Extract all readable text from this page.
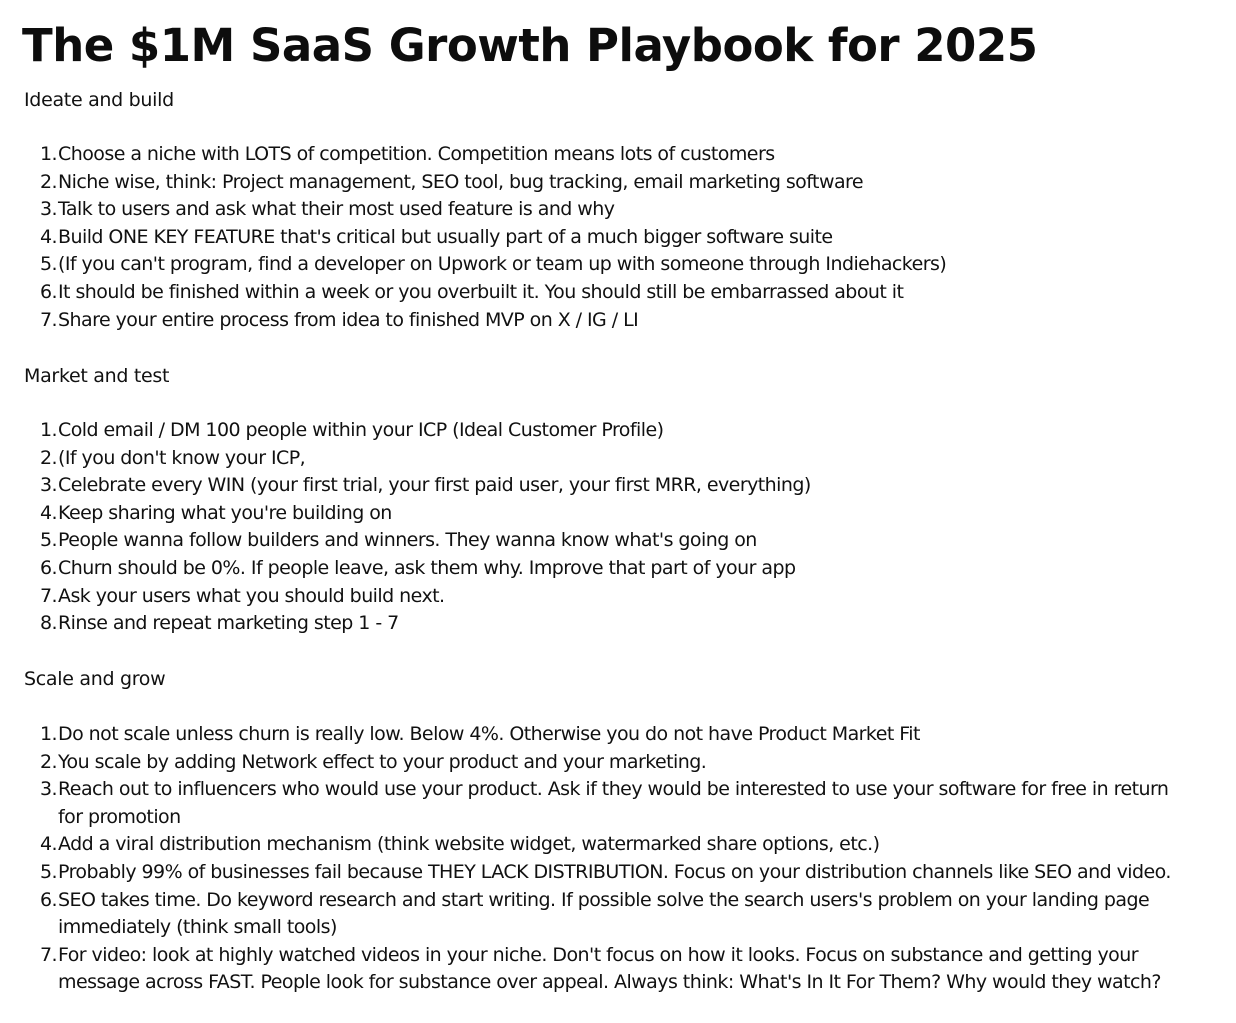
The $1M SaaS Growth Playbook for 2025
Ideate and build
1. Choose a niche with LOTS of competition. Competition means lots of customers
2. Niche wise, think: Project management, SEO tool, bug tracking, email marketing software
3. Talk to users and ask what their most used feature is and why
4. Build ONE KEY FEATURE that's critical but usually part of a much bigger software suite
5. (If you can't program, find a developer on Upwork or team up with someone through Indiehackers)
6. It should be finished within a week or you overbuilt it. You should still be embarrassed about it
7. Share your entire process from idea to finished MVP on X / IG / LI
Market and test
1. Cold email / DM 100 people within your ICP (Ideal Customer Profile)
2. (If you don't know your ICP,
3. Celebrate every WIN (your first trial, your first paid user, your first MRR, everything)
4. Keep sharing what you're building on
5. People wanna follow builders and winners. They wanna know what's going on
6. Churn should be 0%. If people leave, ask them why. Improve that part of your app
7. Ask your users what you should build next.
8. Rinse and repeat marketing step 1 - 7
Scale and grow
1. Do not scale unless churn is really low. Below 4%. Otherwise you do not have Product Market Fit
2. You scale by adding Network effect to your product and your marketing.
3. Reach out to influencers who would use your product. Ask if they would be interested to use your software for free in return
for promotion
4. Add a viral distribution mechanism (think website widget, watermarked share options, etc.)
5. Probably 99% of businesses fail because THEY LACK DISTRIBUTION. Focus on your distribution channels like SEO and video.
6. SEO takes time. Do keyword research and start writing. If possible solve the search users's problem on your landing page
immediately (think small tools)
7. For video: look at highly watched videos in your niche. Don't focus on how it looks. Focus on substance and getting your
message across FAST. People look for substance over appeal. Always think: What's In It For Them? Why would they watch?
